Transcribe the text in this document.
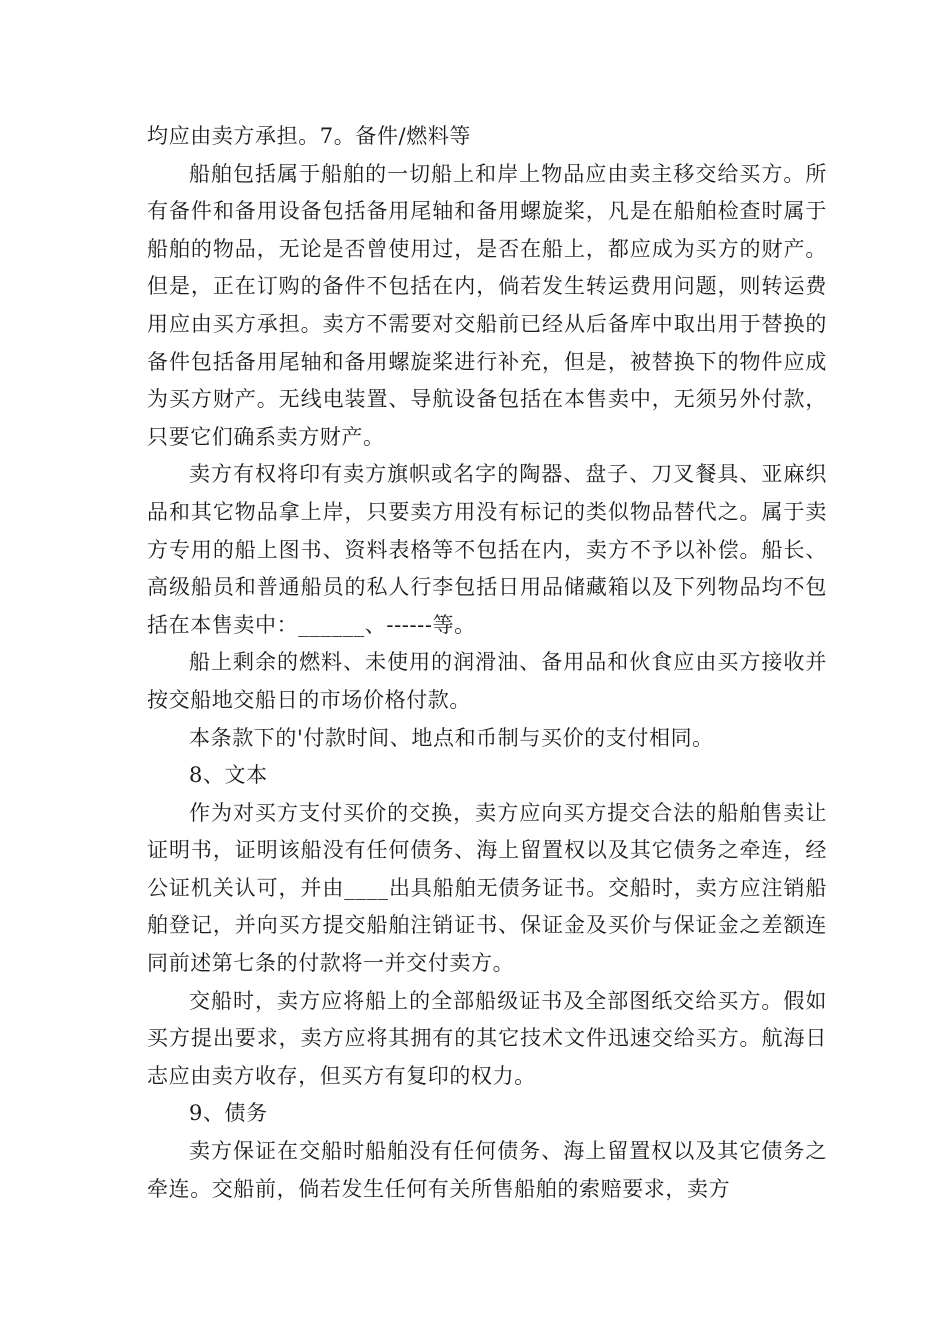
均应由卖方承担。7。备件/燃料等

船舶包括属于船舶的一切船上和岸上物品应由卖主移交给买方。所有备件和备用设备包括备用尾轴和备用螺旋桨，凡是在船舶检查时属于船舶的物品，无论是否曾使用过，是否在船上，都应成为买方的财产。但是，正在订购的备件不包括在内，倘若发生转运费用问题，则转运费用应由买方承担。卖方不需要对交船前已经从后备库中取出用于替换的备件包括备用尾轴和备用螺旋桨进行补充，但是，被替换下的物件应成为买方财产。无线电装置、导航设备包括在本售卖中，无须另外付款，只要它们确系卖方财产。

卖方有权将印有卖方旗帜或名字的陶器、盘子、刀叉餐具、亚麻织品和其它物品拿上岸，只要卖方用没有标记的类似物品替代之。属于卖方专用的船上图书、资料表格等不包括在内，卖方不予以补偿。船长、高级船员和普通船员的私人行李包括日用品储藏箱以及下列物品均不包括在本售卖中：______、------等。

船上剩余的燃料、未使用的润滑油、备用品和伙食应由买方接收并按交船地交船日的市场价格付款。

本条款下的'付款时间、地点和币制与买价的支付相同。

8、文本

作为对买方支付买价的交换，卖方应向买方提交合法的船舶售卖让证明书，证明该船没有任何债务、海上留置权以及其它债务之牵连，经公证机关认可，并由____出具船舶无债务证书。交船时，卖方应注销船舶登记，并向买方提交船舶注销证书、保证金及买价与保证金之差额连同前述第七条的付款将一并交付卖方。

交船时，卖方应将船上的全部船级证书及全部图纸交给买方。假如买方提出要求，卖方应将其拥有的其它技术文件迅速交给买方。航海日志应由卖方收存，但买方有复印的权力。

9、债务

卖方保证在交船时船舶没有任何债务、海上留置权以及其它债务之牵连。交船前，倘若发生任何有关所售船舶的索赔要求，卖方
